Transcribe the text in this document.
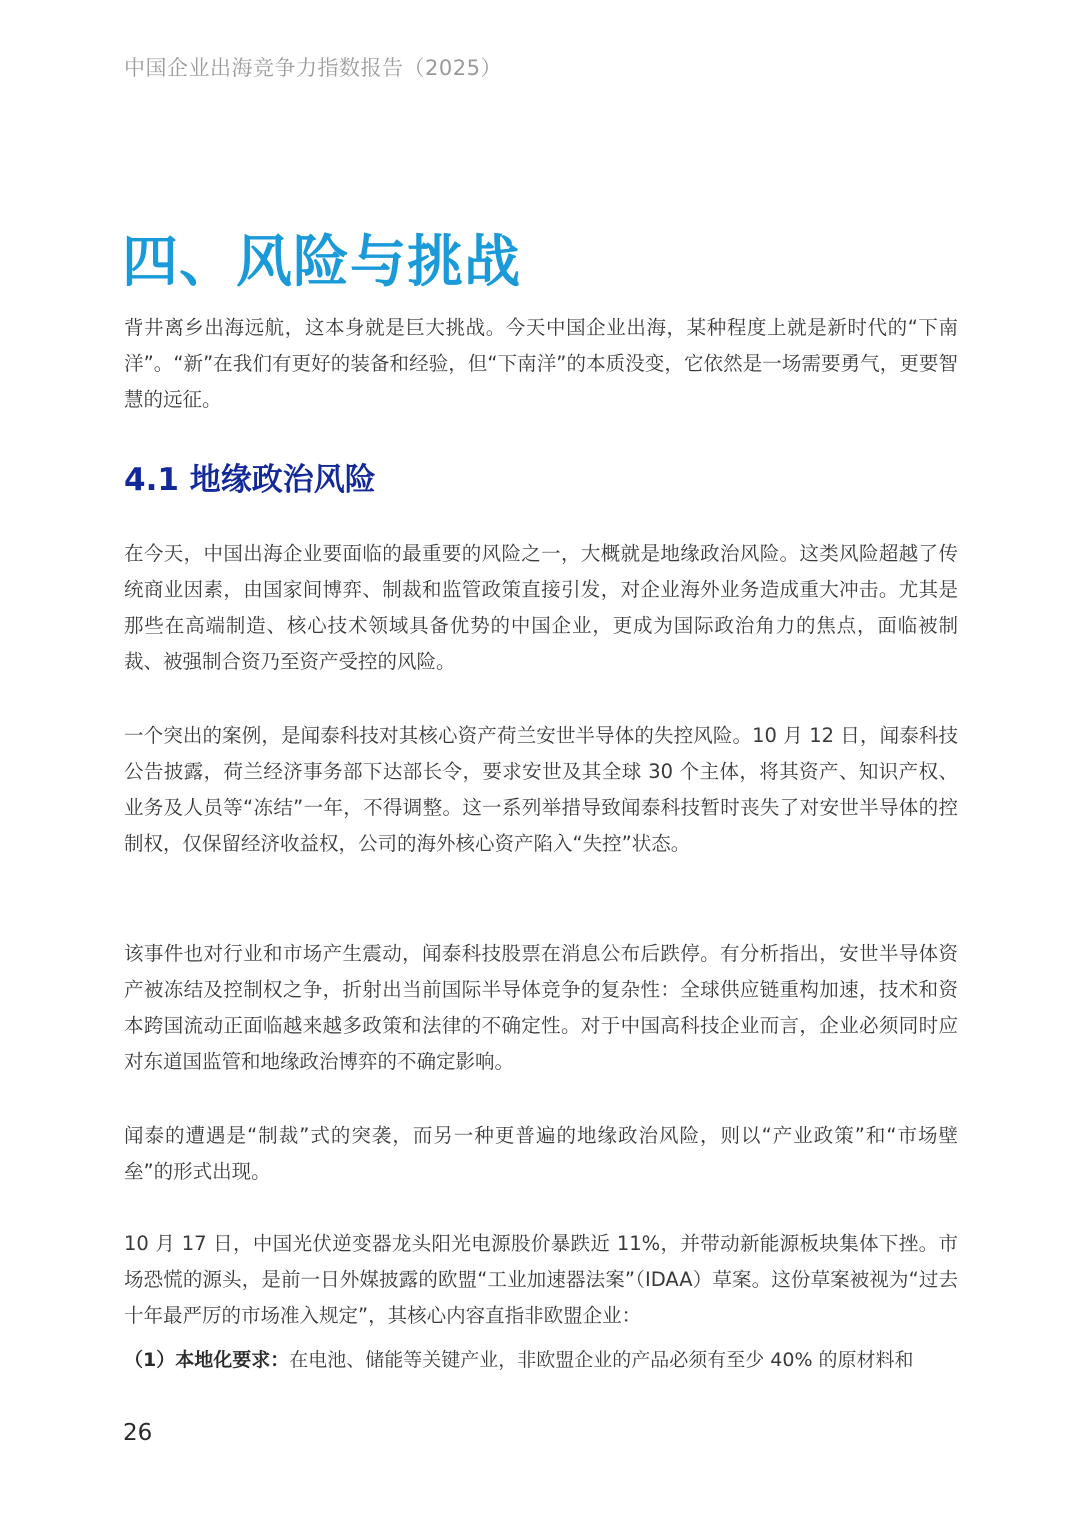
中国企业出海竞争力指数报告（2025）
四、风险与挑战

背井离乡出海远航，这本身就是巨大挑战。今天中国企业出海，某种程度上就是新时代的“下南洋”。“新”在我们有更好的装备和经验，但“下南洋”的本质没变，它依然是一场需要勇气，更要智慧的远征。

4.1 地缘政治风险

在今天，中国出海企业要面临的最重要的风险之一，大概就是地缘政治风险。这类风险超越了传统商业因素，由国家间博弈、制裁和监管政策直接引发，对企业海外业务造成重大冲击。尤其是那些在高端制造、核心技术领域具备优势的中国企业，更成为国际政治角力的焦点，面临被制裁、被强制合资乃至资产受控的风险。

一个突出的案例，是闻泰科技对其核心资产荷兰安世半导体的失控风险。10 月 12 日，闻泰科技公告披露，荷兰经济事务部下达部长令，要求安世及其全球 30 个主体，将其资产、知识产权、业务及人员等“冻结”一年，不得调整。这一系列举措导致闻泰科技暂时丧失了对安世半导体的控制权，仅保留经济收益权，公司的海外核心资产陷入“失控”状态。

该事件也对行业和市场产生震动，闻泰科技股票在消息公布后跌停。有分析指出，安世半导体资产被冻结及控制权之争，折射出当前国际半导体竞争的复杂性：全球供应链重构加速，技术和资本跨国流动正面临越来越多政策和法律的不确定性。对于中国高科技企业而言，企业必须同时应对东道国监管和地缘政治博弈的不确定影响。

闻泰的遭遇是“制裁”式的突袭，而另一种更普遍的地缘政治风险，则以“产业政策”和“市场壁垒”的形式出现。

10 月 17 日，中国光伏逆变器龙头阳光电源股价暴跌近 11%，并带动新能源板块集体下挫。市场恐慌的源头，是前一日外媒披露的欧盟“工业加速器法案”（IDAA）草案。这份草案被视为“过去十年最严厉的市场准入规定”，其核心内容直指非欧盟企业：

（1）本地化要求：在电池、储能等关键产业，非欧盟企业的产品必须有至少 40% 的原材料和
26
